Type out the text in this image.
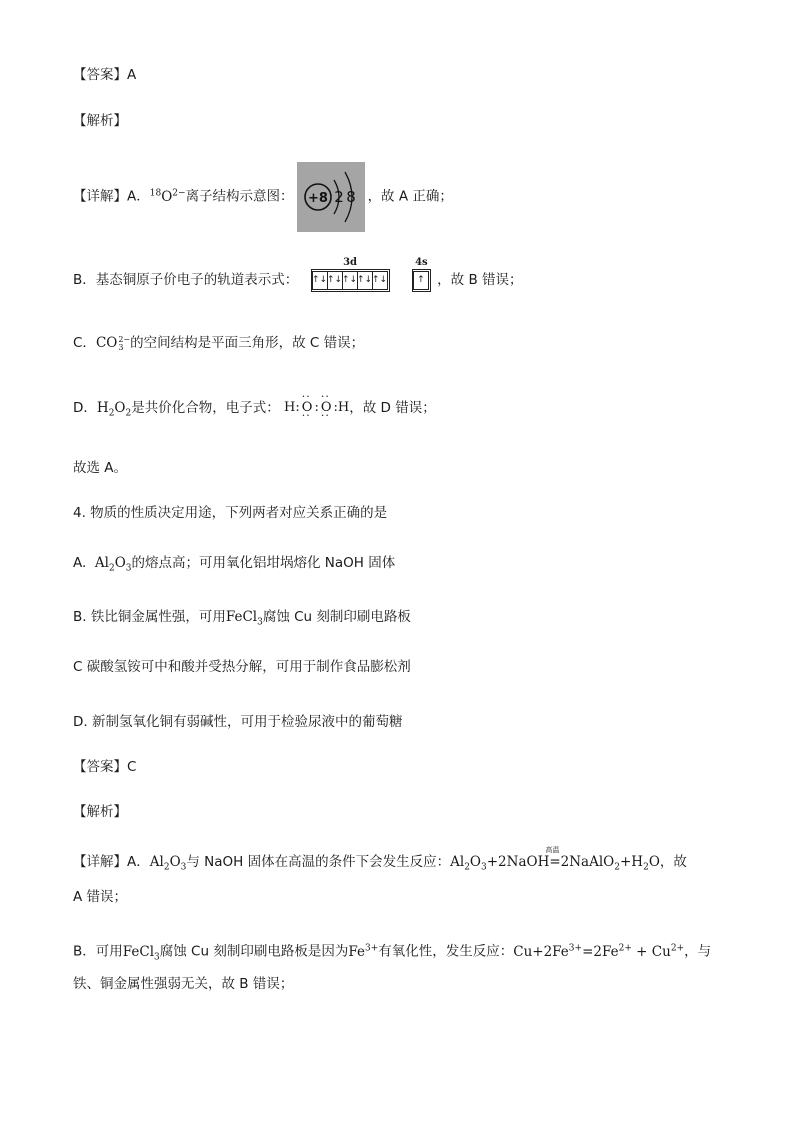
【答案】A
【解析】
【详解】A．$^{18}O^{2-}$离子结构示意图： +8 2 8 ，故 A 正确；
B．基态铜原子价电子的轨道表示式：
3d
↑↓ ↑↓ ↑↓ ↑↓ ↑↓

4s
↑ ，故 B 错误；
C．CO 2−
3 的空间结构是平面三角形，故 C 错误；
D．$H_2O_2$是共价化合物，电子式： H: ·· O ·· : ·· O ·· :H，故 D 错误；
故选 A。
4. 物质的性质决定用途，下列两者对应关系正确的是
A. $Al_2O_3$的熔点高；可用氧化铝坩埚熔化 NaOH 固体
B. 铁比铜金属性强，可用FeCl$_3$腐蚀 Cu 刻制印刷电路板
C 碳酸氢铵可中和酸并受热分解，可用于制作食品膨松剂
D. 新制氢氧化铜有弱碱性，可用于检验尿液中的葡萄糖
【答案】C
【解析】
【详解】A．$Al_2O_3$与 NaOH 固体在高温的条件下会发生反应：$Al_2O_3+2NaOH$
高温
$=2NaAlO_2+H_2O$，故
A 错误；
B．可用FeCl$_3$腐蚀 Cu 刻制印刷电路板是因为$Fe^{3+}$有氧化性，发生反应：$Cu+2Fe^{3+}=2Fe^{2+} + Cu^{2+}$，与
铁、铜金属性强弱无关，故 B 错误；
